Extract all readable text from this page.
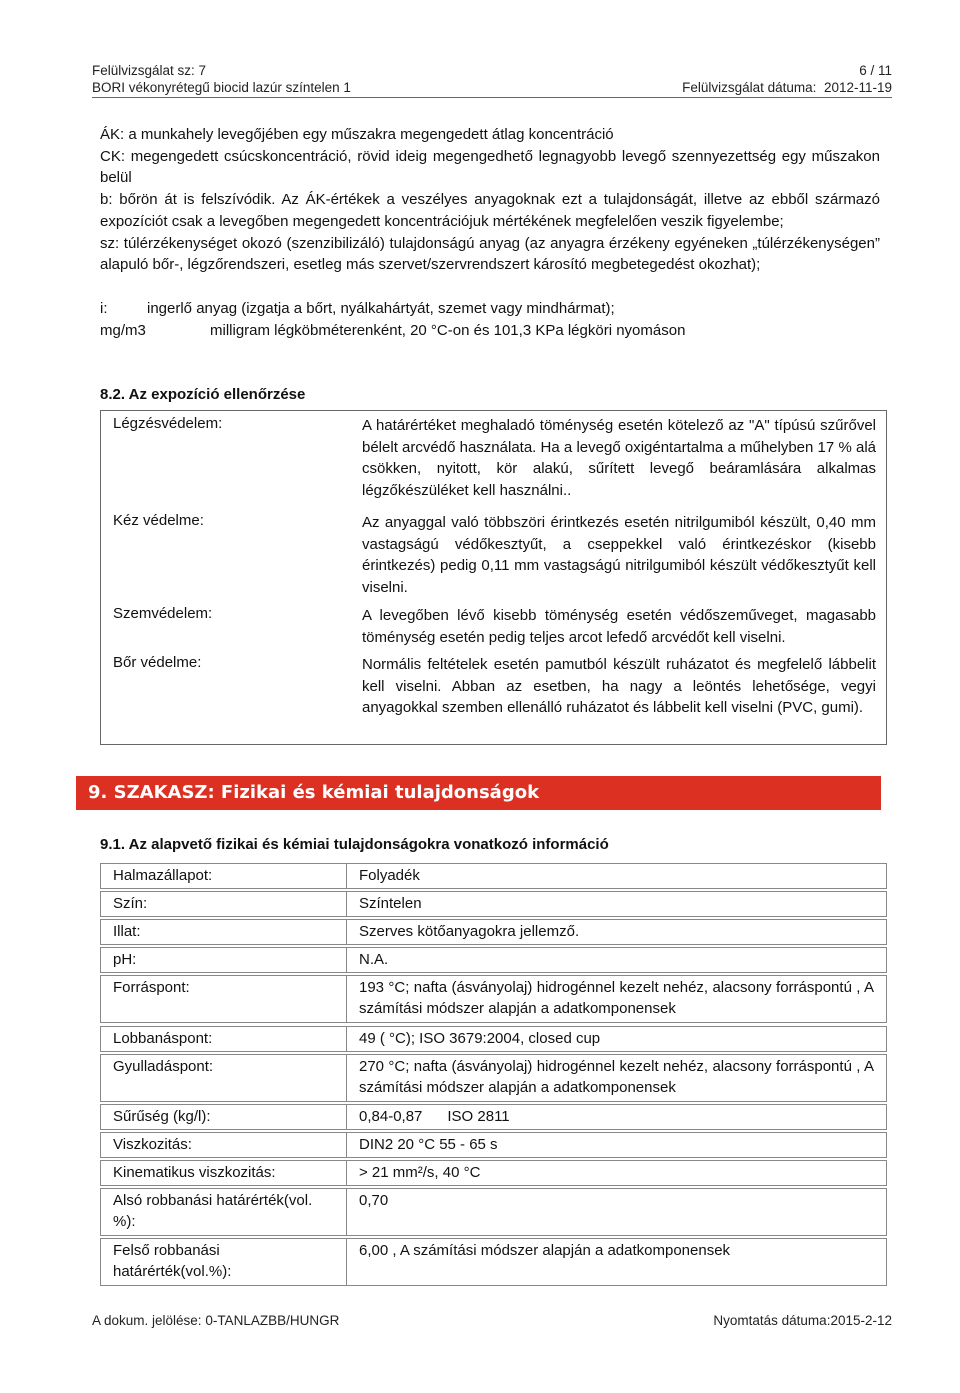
Felülvizsgálat sz: 7	6 / 11
BORI vékonyrétegű biocid lazúr színtelen 1	Felülvizsgálat dátuma: 2012-11-19
ÁK: a munkahely levegőjében egy műszakra megengedett átlag koncentráció
CK: megengedett csúcskoncentráció, rövid ideig megengedhető legnagyobb levegő szennyezettség egy műszakon belül
b: bőrön át is felszívódik. Az ÁK-értékek a veszélyes anyagoknak ezt a tulajdonságát, illetve az ebből származó expozíciót csak a levegőben megengedett koncentrációjuk mértékének megfelelően veszik figyelembe;
sz: túlérzékenységet okozó (szenzibilizáló) tulajdonságú anyag (az anyagra érzékeny egyéneken „túlérzékenységen” alapuló bőr-, légzőrendszeri, esetleg más szervet/szervrendszert károsító megbetegedést okozhat);
i:	ingerlő anyag (izgatja a bőrt, nyálkahártyát, szemet vagy mindhármat);
mg/m3	milligram légköbméterenként, 20 °C-on és 101,3 KPa légköri nyomáson
8.2. Az expozíció ellenőrzése
Légzésvédelem:	A határértéket meghaladó töménység esetén kötelező az "A" típúsú szűrővel bélelt arcvédő használata. Ha a levegő oxigéntartalma a műhelyben 17 % alá csökken, nyitott, kör alakú, sűrített levegő beáramlására alkalmas légzőkészüléket kell használni..
Kéz védelme:	Az anyaggal való többszöri érintkezés esetén nitrilgumiból készült, 0,40 mm vastagságú védőkesztyűt, a cseppekkel való érintkezéskor (kisebb érintkezés) pedig 0,11 mm vastagságú nitrilgumiból készült védőkesztyűt kell viselni.
Szemvédelem:	A levegőben lévő kisebb töménység esetén védőszeműveget, magasabb töménység esetén pedig teljes arcot lefedő arcvédőt kell viselni.
Bőr védelme:	Normális feltételek esetén pamutból készült ruházatot és megfelelő lábbelit kell viselni. Abban az esetben, ha nagy a leöntés lehetősége, vegyi anyagokkal szemben ellenálló ruházatot és lábbelit kell viselni (PVC, gumi).
9. SZAKASZ: Fizikai és kémiai tulajdonságok
9.1. Az alapvető fizikai és kémiai tulajdonságokra vonatkozó információ
Halmazállapot:	Folyadék
Szín:	Színtelen
Illat:	Szerves kötőanyagokra jellemző.
pH:	N.A.
Forráspont:	193 °C; nafta (ásványolaj) hidrogénnel kezelt nehéz, alacsony forráspontú , A számítási módszer alapján a adatkomponensek
Lobbanáspont:	49 ( °C); ISO 3679:2004, closed cup
Gyulladáspont:	270 °C; nafta (ásványolaj) hidrogénnel kezelt nehéz, alacsony forráspontú , A számítási módszer alapján a adatkomponensek
Sűrűség (kg/l):	0,84-0,87      ISO 2811
Viszkozitás:	DIN2 20 °C 55 - 65 s
Kinematikus viszkozitás:	> 21 mm²/s, 40 °C
Alsó robbanási határérték(vol. %):
0,70
Felső robbanási határérték(vol.%):
6,00 , A számítási módszer alapján a adatkomponensek
A dokum. jelölése: 0-TANLAZBB/HUNGR	Nyomtatás dátuma:2015-2-12
